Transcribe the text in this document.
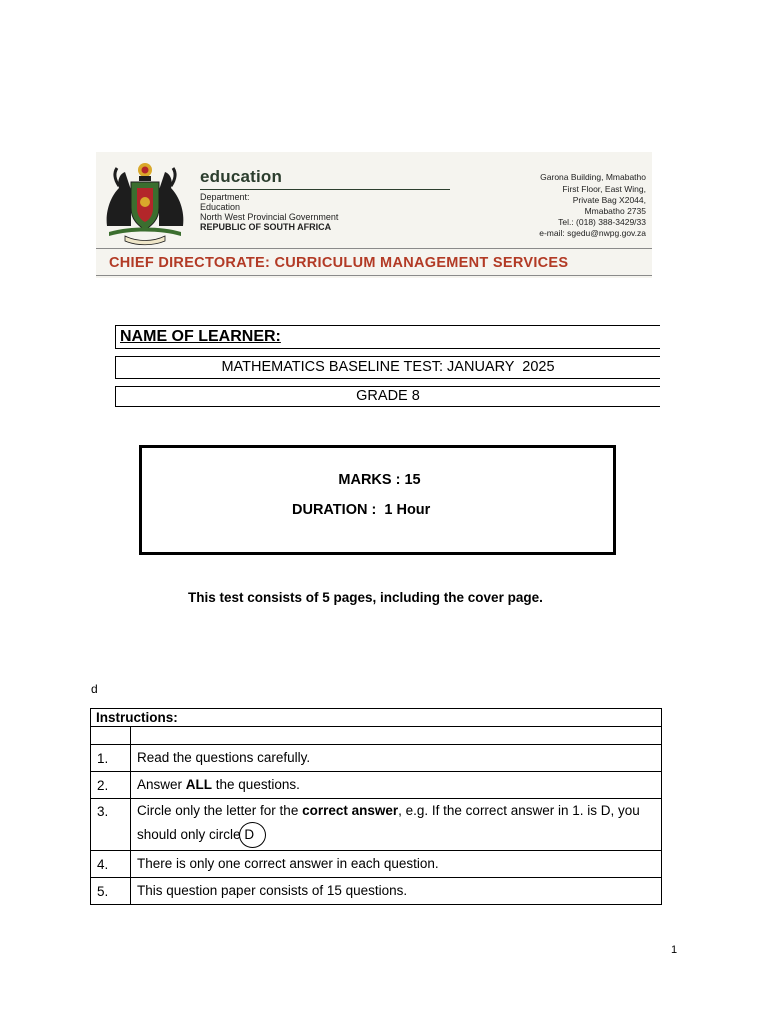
education
Department:
Education
North West Provincial Government
REPUBLIC OF SOUTH AFRICA
Garona Building, Mmabatho
First Floor, East Wing,
Private Bag X2044,
Mmabatho 2735
Tel.: (018) 388-3429/33
e-mail: sgedu@nwpg.gov.za
CHIEF DIRECTORATE: CURRICULUM MANAGEMENT SERVICES
NAME OF LEARNER:
MATHEMATICS BASELINE TEST: JANUARY  2025
GRADE 8
MARKS : 15
DURATION : 1 Hour
This test consists of 5 pages, including the cover page.
d
Instructions:	

1.	Read the questions carefully.
2.	Answer ALL the questions.
3.	Circle only the letter for the correct answer, e.g. If the correct answer in 1. is D, you should only circle D
4.	There is only one correct answer in each question.
5.	This question paper consists of 15 questions.
1
